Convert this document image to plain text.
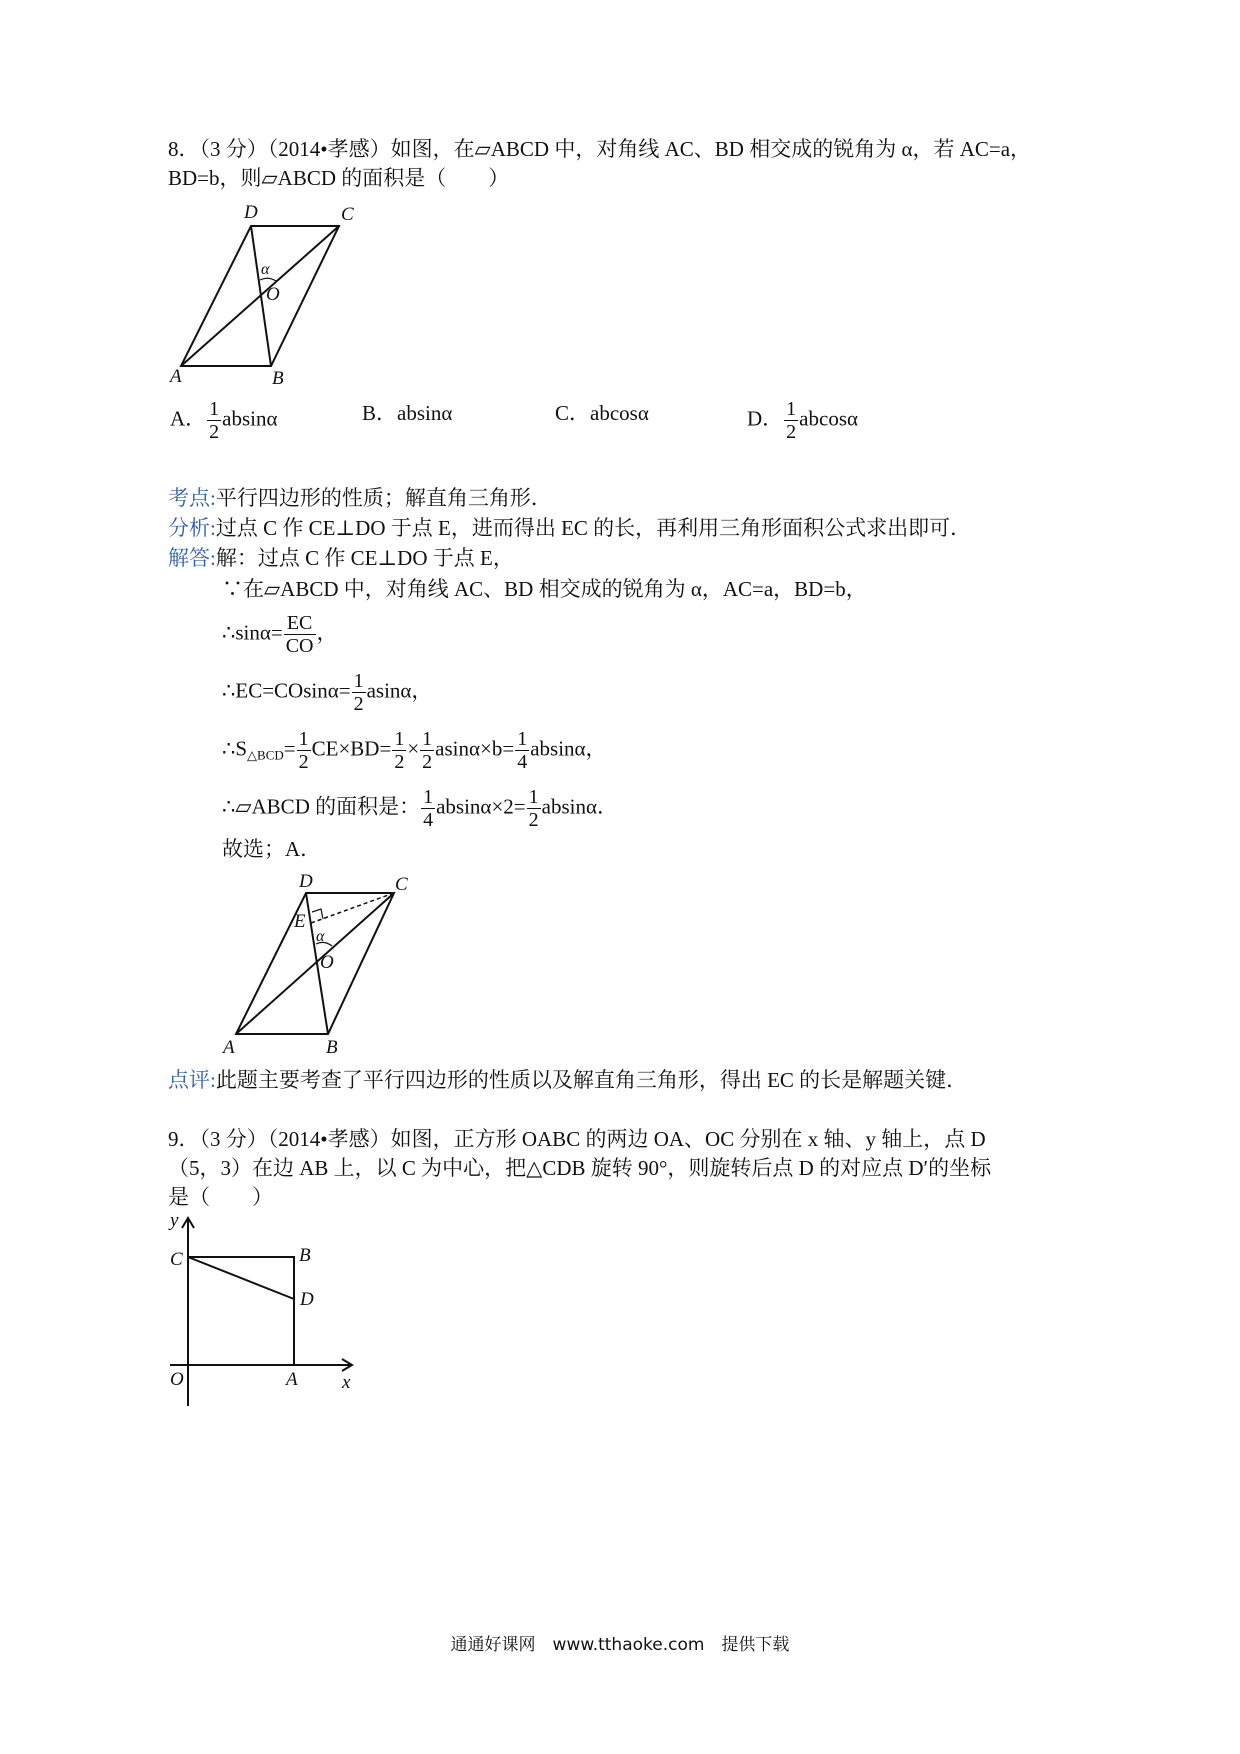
8．（3 分）（2014•孝感）如图，在▱ABCD 中，对角线 AC、BD 相交成的锐角为 α，若 AC=a，
BD=b，则▱ABCD 的面积是（　　）
D	C
A	B
O
α
A． $\frac{1}{2}$ absinα	B．absinα	C．abcosα	D． $\frac{1}{2}$ abcosα
考点:平行四边形的性质；解直角三角形．
分析:过点 C 作 CE⊥DO 于点 E，进而得出 EC 的长，再利用三角形面积公式求出即可．
解答:解：过点 C 作 CE⊥DO 于点 E，
∵在▱ABCD 中，对角线 AC、BD 相交成的锐角为 α，AC=a，BD=b，
∴sinα= $\frac{EC}{CO}$ ，
∴EC=COsinα= $\frac{1}{2}$ asinα，
$\therefore S_{\triangle BCD}= \frac{1}{2} CE\times BD= \frac{1}{2} \times \frac{1}{2} asin\alpha\times b= \frac{1}{4}$ absinα，
∴▱ABCD 的面积是： $\frac{1}{4} absin\alpha\times 2= \frac{1}{2}$ absinα．
故选；A．
D	C
A	B
O
E
α
点评:此题主要考查了平行四边形的性质以及解直角三角形，得出 EC 的长是解题关键．
9．（3 分）（2014•孝感）如图，正方形 OABC 的两边 OA、OC 分别在 x 轴、y 轴上，点 D
（5，3）在边 AB 上，以 C 为中心，把△CDB 旋转 90°，则旋转后点 D 的对应点 D′的坐标
是（　　）
y
x
C	B
D
O	A
通通好课网　www.tthaoke.com　提供下载
